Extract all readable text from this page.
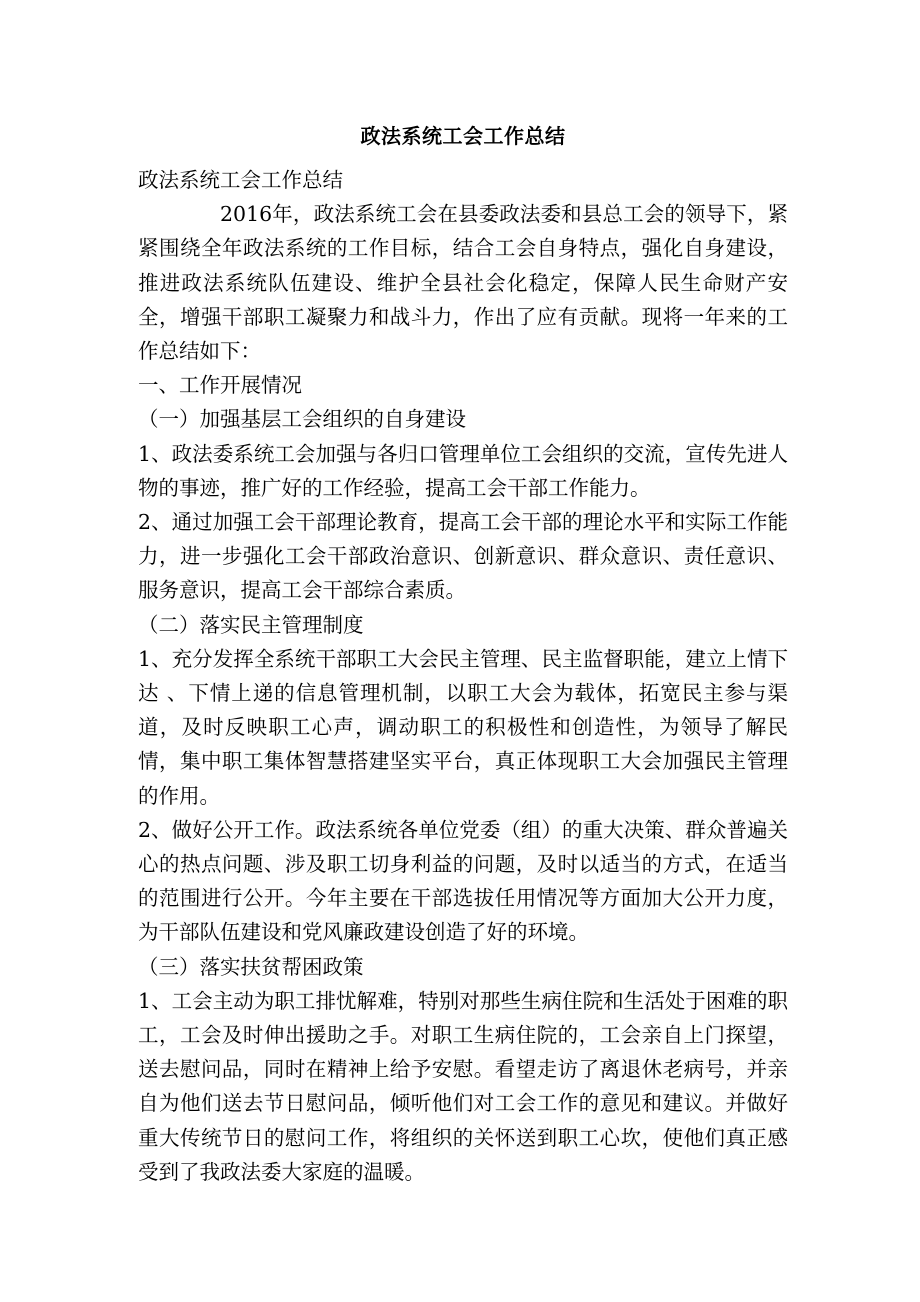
政法系统工会工作总结

政法系统工会工作总结

2016年，政法系统工会在县委政法委和县总工会的领导下，紧紧围绕全年政法系统的工作目标，结合工会自身特点，强化自身建设，推进政法系统队伍建设、维护全县社会化稳定，保障人民生命财产安全，增强干部职工凝聚力和战斗力，作出了应有贡献。现将一年来的工作总结如下：

一、工作开展情况

（一）加强基层工会组织的自身建设

1、政法委系统工会加强与各归口管理单位工会组织的交流，宣传先进人物的事迹，推广好的工作经验，提高工会干部工作能力。

2、通过加强工会干部理论教育，提高工会干部的理论水平和实际工作能力，进一步强化工会干部政治意识、创新意识、群众意识、责任意识、服务意识，提高工会干部综合素质。

（二）落实民主管理制度

1、充分发挥全系统干部职工大会民主管理、民主监督职能，建立上情下达 、下情上递的信息管理机制，以职工大会为载体，拓宽民主参与渠道，及时反映职工心声，调动职工的积极性和创造性，为领导了解民情，集中职工集体智慧搭建坚实平台，真正体现职工大会加强民主管理的作用。

2、做好公开工作。政法系统各单位党委（组）的重大决策、群众普遍关心的热点问题、涉及职工切身利益的问题，及时以适当的方式，在适当的范围进行公开。今年主要在干部选拔任用情况等方面加大公开力度，为干部队伍建设和党风廉政建设创造了好的环境。

（三）落实扶贫帮困政策

1、工会主动为职工排忧解难，特别对那些生病住院和生活处于困难的职工，工会及时伸出援助之手。对职工生病住院的，工会亲自上门探望，送去慰问品，同时在精神上给予安慰。看望走访了离退休老病号，并亲自为他们送去节日慰问品，倾听他们对工会工作的意见和建议。并做好重大传统节日的慰问工作，将组织的关怀送到职工心坎，使他们真正感受到了我政法委大家庭的温暖。
